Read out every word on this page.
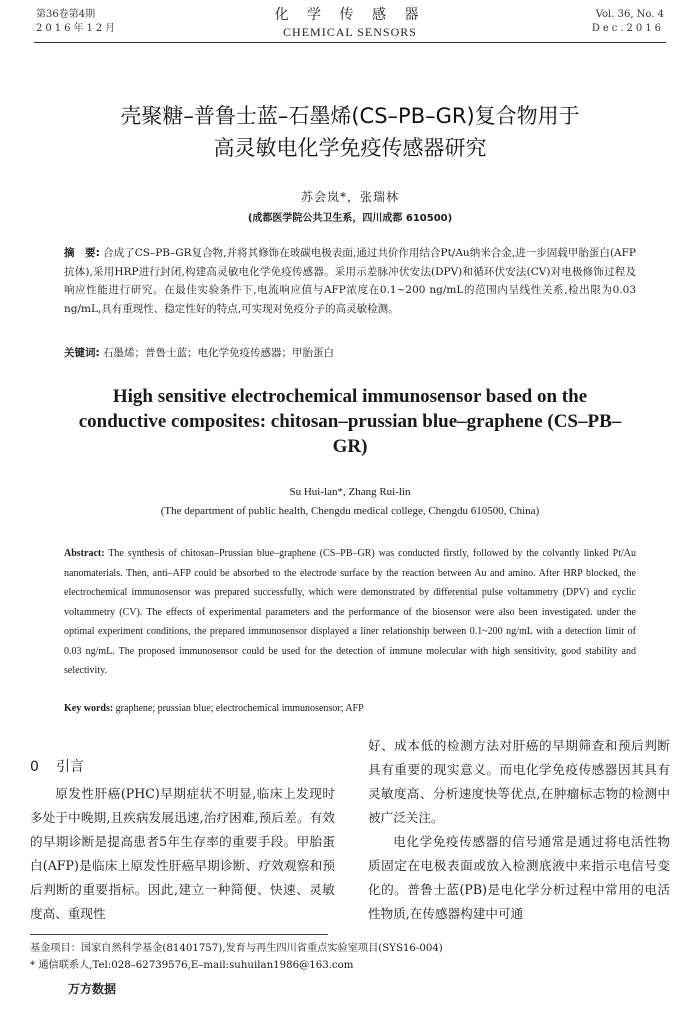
第36卷第4期
2016年12月
化 学 传 感 器
CHEMICAL SENSORS
Vol. 36, No. 4
Dec.2016
壳聚糖–普鲁士蓝–石墨烯(CS–PB–GR)复合物用于
高灵敏电化学免疫传感器研究
苏会岚*，张瑞林
(成都医学院公共卫生系，四川成都 610500)
摘　要: 合成了CS–PB–GR复合物,并将其修饰在玻碳电极表面,通过共价作用结合Pt/Au纳米合金,进一步固载甲胎蛋白(AFP抗体),采用HRP进行封闭,构建高灵敏电化学免疫传感器。采用示差脉冲伏安法(DPV)和循环伏安法(CV)对电极修饰过程及响应性能进行研究。在最佳实验条件下,电流响应值与AFP浓度在0.1~200 ng/mL的范围内呈线性关系,检出限为0.03 ng/mL,具有重现性、稳定性好的特点,可实现对免疫分子的高灵敏检测。
关键词: 石墨烯；普鲁士蓝；电化学免疫传感器；甲胎蛋白
High sensitive electrochemical immunosensor based on the
conductive composites: chitosan–prussian blue–graphene (CS–PB–
GR)
Su Hui-lan*, Zhang Rui-lin
(The department of public health, Chengdu medical college, Chengdu 610500, China)
Abstract: The synthesis of chitosan–Prussian blue–graphene (CS–PB–GR) was conducted firstly, followed by the colvantly linked Pt/Au nanomaterials. Then, anti–AFP could be absorbed to the electrode surface by the reaction between Au and amino. After HRP blocked, the electrochemical immunosensor was prepared successfully, which were demonstrated by differential pulse voltammetry (DPV) and cyclic voltammetry (CV). The effects of experimental parameters and the performance of the biosensor were also been investigated. under the optimal experiment conditions, the prepared immunosensor displayed a liner relationship between 0.1~200 ng/mL with a detection limit of 0.03 ng/mL. The proposed immunosensor could be used for the detection of immune molecular with high sensitivity, good stability and selectivity.
Key words: graphene; prussian blue; electrochemical immunosensor; AFP
0 引言

原发性肝癌(PHC)早期症状不明显,临床上发现时多处于中晚期,且疾病发展迅速,治疗困难,预后差。有效的早期诊断是提高患者5年生存率的重要手段。甲胎蛋白(AFP)是临床上原发性肝癌早期诊断、疗效观察和预后判断的重要指标。因此,建立一种简便、快速、灵敏度高、重现性

好、成本低的检测方法对肝癌的早期筛查和预后判断具有重要的现实意义。而电化学免疫传感器因其具有灵敏度高、分析速度快等优点,在肿瘤标志物的检测中被广泛关注。

电化学免疫传感器的信号通常是通过将电活性物质固定在电极表面或放入检测底液中来指示电信号变化的。普鲁士蓝(PB)是电化学分析过程中常用的电活性物质,在传感器构建中可通

基金项目：国家自然科学基金(81401757),发育与再生四川省重点实验室项目(SYS16-004)
* 通信联系人,Tel:028–62739576,E–mail:suhuilan1986@163.com
万方数据
